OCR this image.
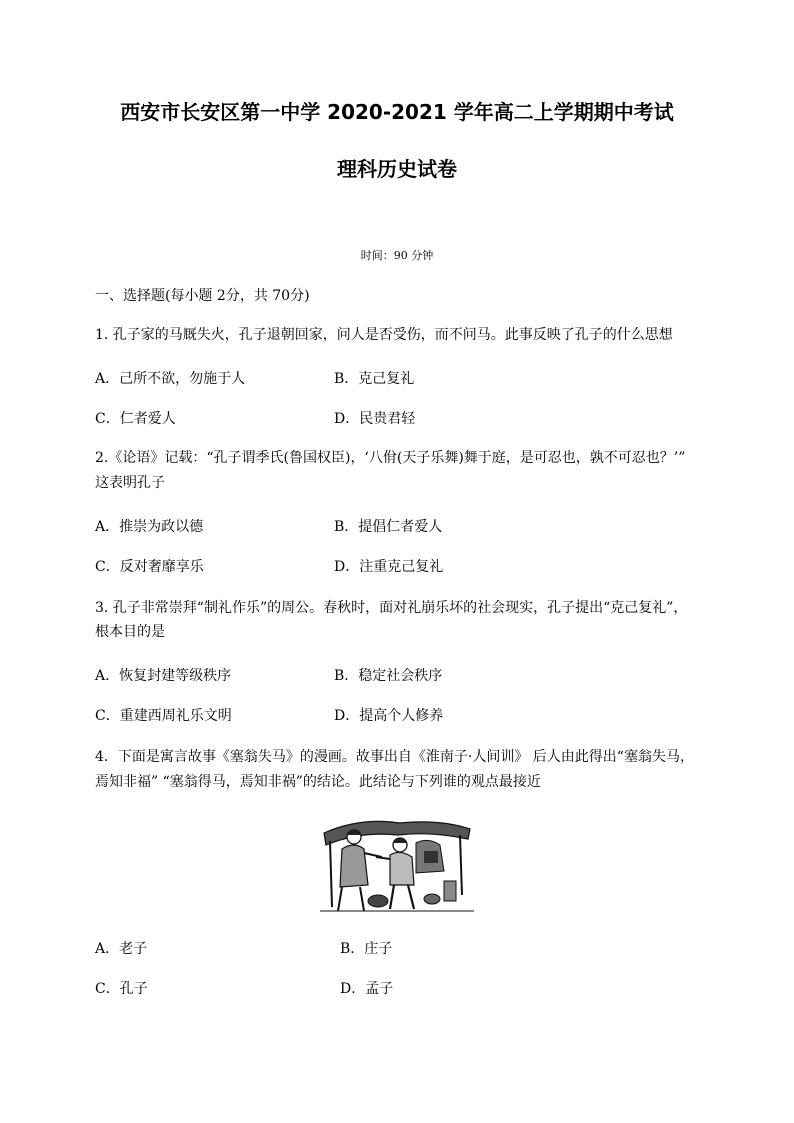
西安市长安区第一中学 2020-2021 学年高二上学期期中考试
理科历史试卷
时间：90 分钟
一、选择题(每小题 2分，共 70分)
1. 孔子家的马厩失火，孔子退朝回家，问人是否受伤，而不问马。此事反映了孔子的什么思想
A．己所不欲，勿施于人	B．克己复礼
C．仁者爱人	D．民贵君轻
2.《论语》记载：“孔子谓季氏(鲁国权臣)，‘八佾(天子乐舞)舞于庭，是可忍也，孰不可忍也？’”
这表明孔子
A．推崇为政以德	B．提倡仁者爱人
C．反对奢靡享乐	D．注重克己复礼
3. 孔子非常崇拜“制礼作乐”的周公。春秋时，面对礼崩乐坏的社会现实，孔子提出“克己复礼”，
根本目的是
A．恢复封建等级秩序	B．稳定社会秩序
C．重建西周礼乐文明	D．提高个人修养
4．下面是寓言故事《塞翁失马》的漫画。故事出自《淮南子·人间训》 后人由此得出“塞翁失马，
焉知非福” “塞翁得马，焉知非祸”的结论。此结论与下列谁的观点最接近
A．老子	B．庄子
C．孔子	D．孟子
